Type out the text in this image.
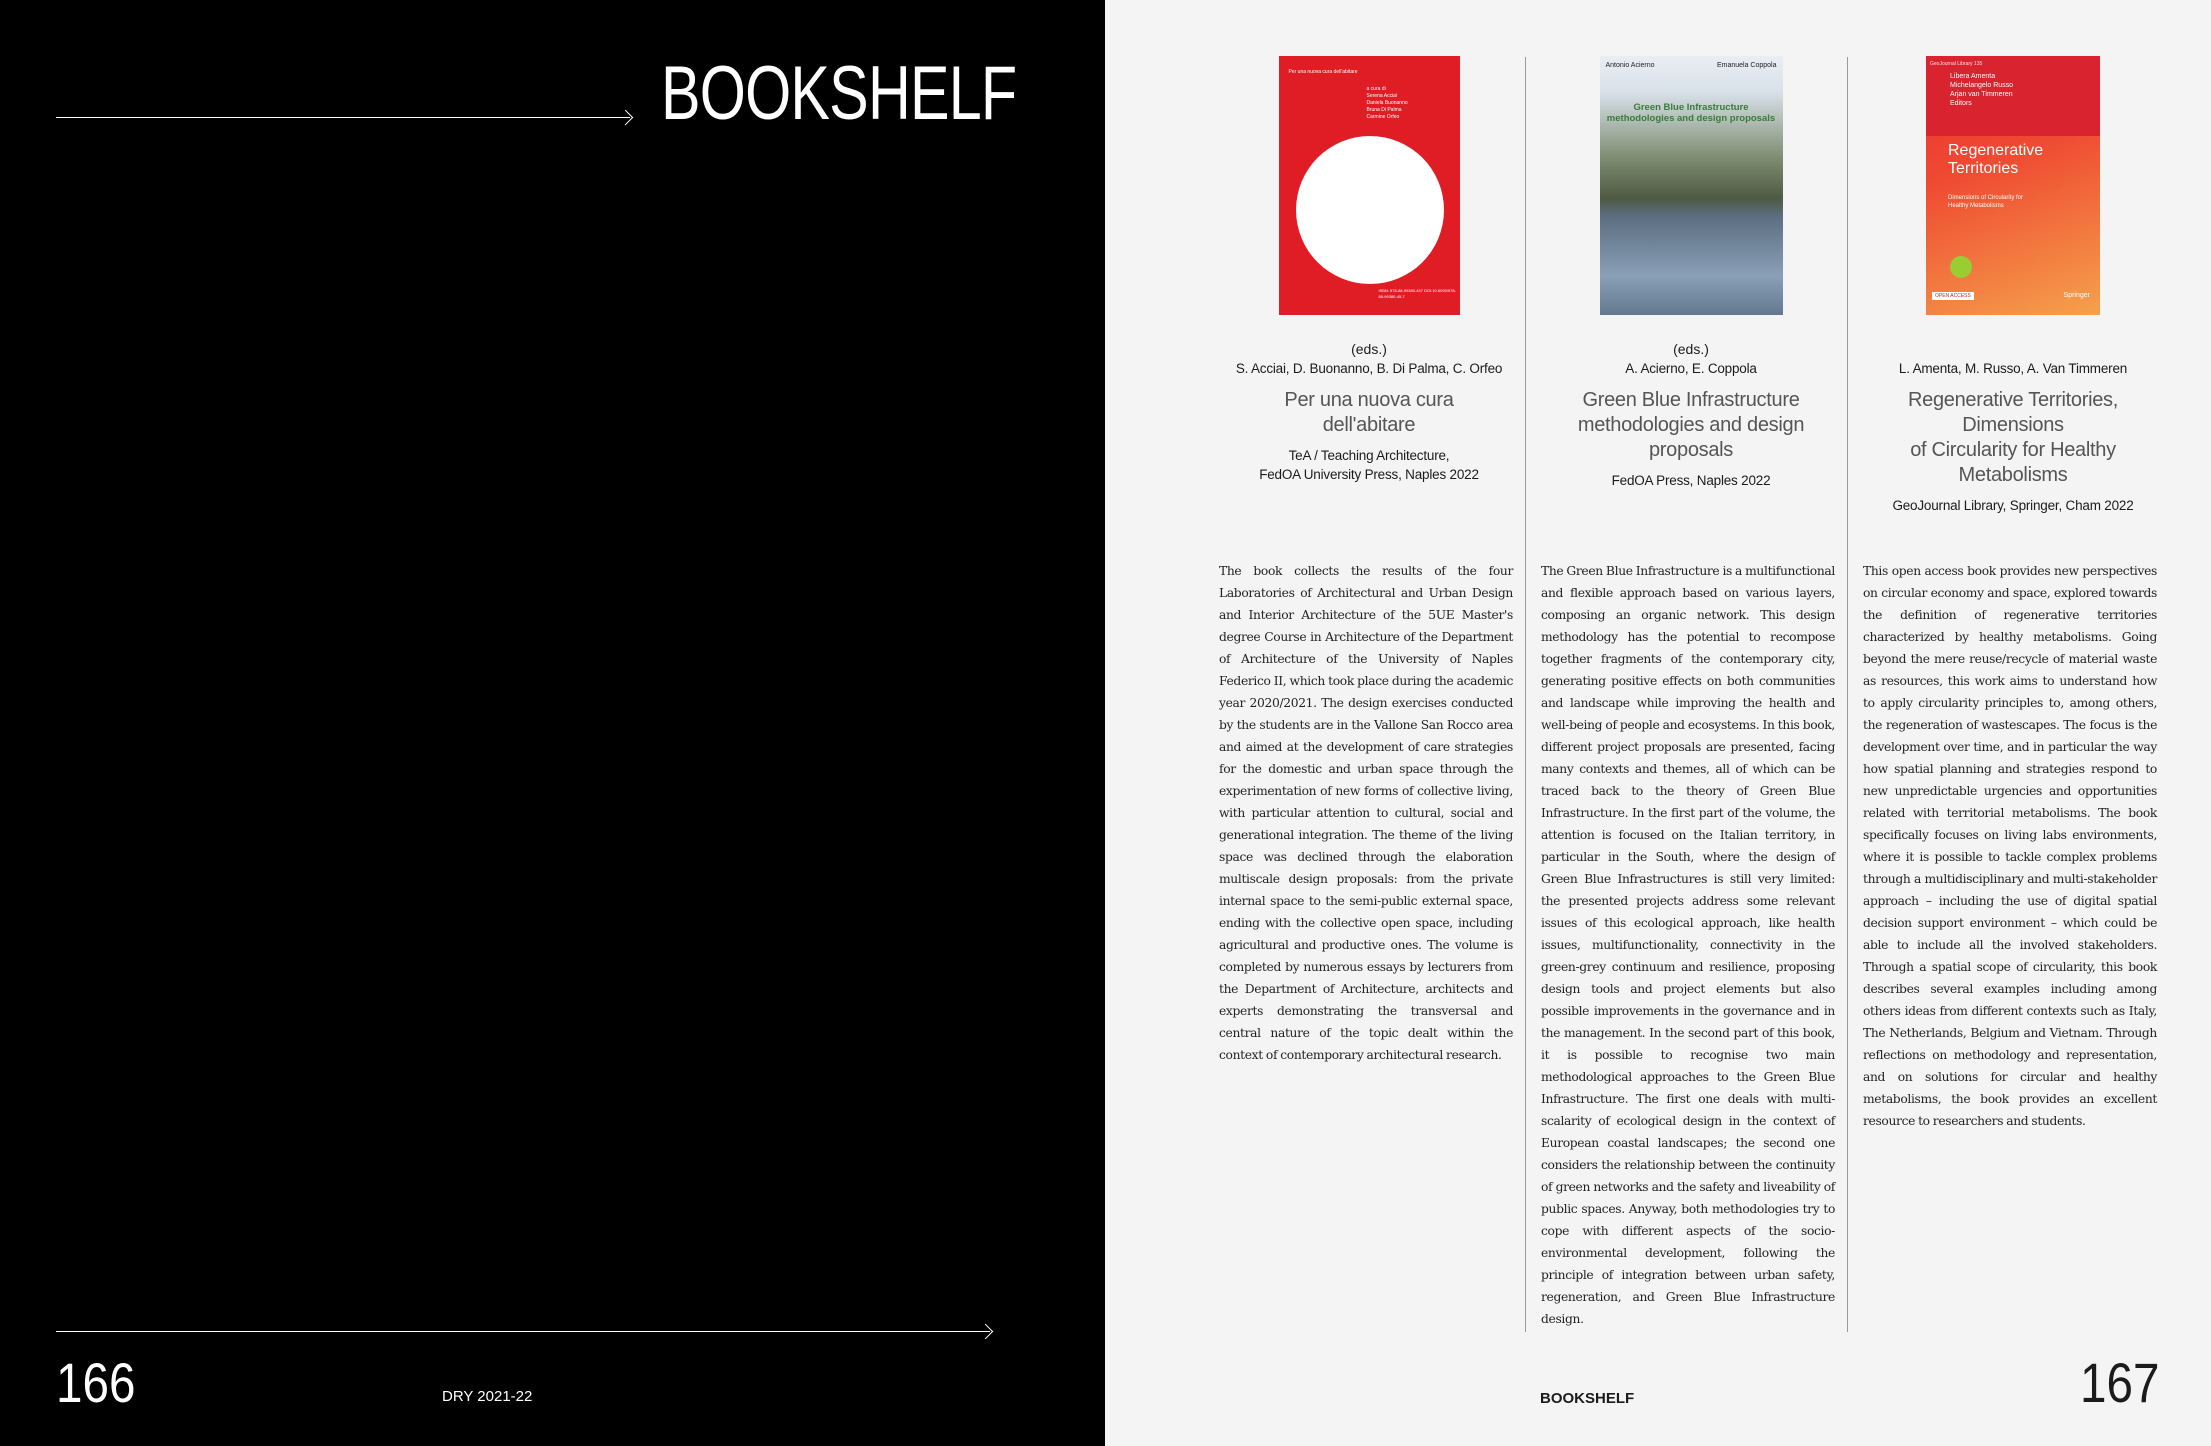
BOOKSHELF
166	DRY 2021-22
Per una nuova cura dell'abitare
a cura di
Serena Acciai
Daniela Buonanno
Bruna Di Palma
Carmine Orfeo
ISBN: 978-88-99380-457 DOI:10.6093/978-88-99380-45-7
(eds.)
S. Acciai, D. Buonanno, B. Di Palma, C. Orfeo
Per una nuova cura
dell'abitare
TeA / Teaching Architecture,
FedOA University Press, Naples 2022
The book collects the results of the four Laboratories of Architectural and Urban Design and Interior Architecture of the 5UE Master's degree Course in Architecture of the Department of Architecture of the University of Naples Federico II, which took place during the academic year 2020/2021. The design exercises conducted by the students are in the Vallone San Rocco area and aimed at the development of care strategies for the domestic and urban space through the experimentation of new forms of collective living, with particular attention to cultural, social and generational integration. The theme of the living space was declined through the elaboration multiscale design proposals: from the private internal space to the semi-public external space, ending with the collective open space, including agricultural and productive ones. The volume is completed by numerous essays by lecturers from the Department of Architecture, architects and experts demonstrating the transversal and central nature of the topic dealt within the context of contemporary architectural research.
Antonio Acierno	Emanuela Coppola
Green Blue Infrastructure
methodologies and design proposals
(eds.)
A. Acierno, E. Coppola
Green Blue Infrastructure
methodologies and design proposals
FedOA Press, Naples 2022
The Green Blue Infrastructure is a multifunctional and flexible approach based on various layers, composing an organic network. This design methodology has the potential to recompose together fragments of the contemporary city, generating positive effects on both communities and landscape while improving the health and well-being of people and ecosystems. In this book, different project proposals are presented, facing many contexts and themes, all of which can be traced back to the theory of Green Blue Infrastructure. In the first part of the volume, the attention is focused on the Italian territory, in particular in the South, where the design of Green Blue Infrastructures is still very limited: the presented projects address some relevant issues of this ecological approach, like health issues, multifunctionality, connectivity in the green-grey continuum and resilience, proposing design tools and project elements but also possible improvements in the governance and in the management. In the second part of this book, it is possible to recognise two main methodological approaches to the Green Blue Infrastructure. The first one deals with multi-scalarity of ecological design in the context of European coastal landscapes; the second one considers the relationship between the continuity of green networks and the safety and liveability of public spaces. Anyway, both methodologies try to cope with different aspects of the socio-environmental development, following the principle of integration between urban safety, regeneration, and Green Blue Infrastructure design.
GeoJournal Library 135
Libera Amenta
Michelangelo Russo
Arjan van Timmeren
Editors
Regenerative
Territories
Dimensions of Circularity for
Healthy Metabolisms
OPEN ACCESS	Springer
L. Amenta, M. Russo, A. Van Timmeren
Regenerative Territories, Dimensions
of Circularity for Healthy Metabolisms
GeoJournal Library, Springer, Cham 2022
This open access book provides new perspectives on circular economy and space, explored towards the definition of regenerative territories characterized by healthy metabolisms. Going beyond the mere reuse/recycle of material waste as resources, this work aims to understand how to apply circularity principles to, among others, the regeneration of wastescapes. The focus is the development over time, and in particular the way how spatial planning and strategies respond to new unpredictable urgencies and opportunities related with territorial metabolisms. The book specifically focuses on living labs environments, where it is possible to tackle complex problems through a multidisciplinary and multi-stakeholder approach – including the use of digital spatial decision support environment – which could be able to include all the involved stakeholders. Through a spatial scope of circularity, this book describes several examples including among others ideas from different contexts such as Italy, The Netherlands, Belgium and Vietnam. Through reflections on methodology and representation, and on solutions for circular and healthy metabolisms, the book provides an excellent resource to researchers and students.
BOOKSHELF	167
